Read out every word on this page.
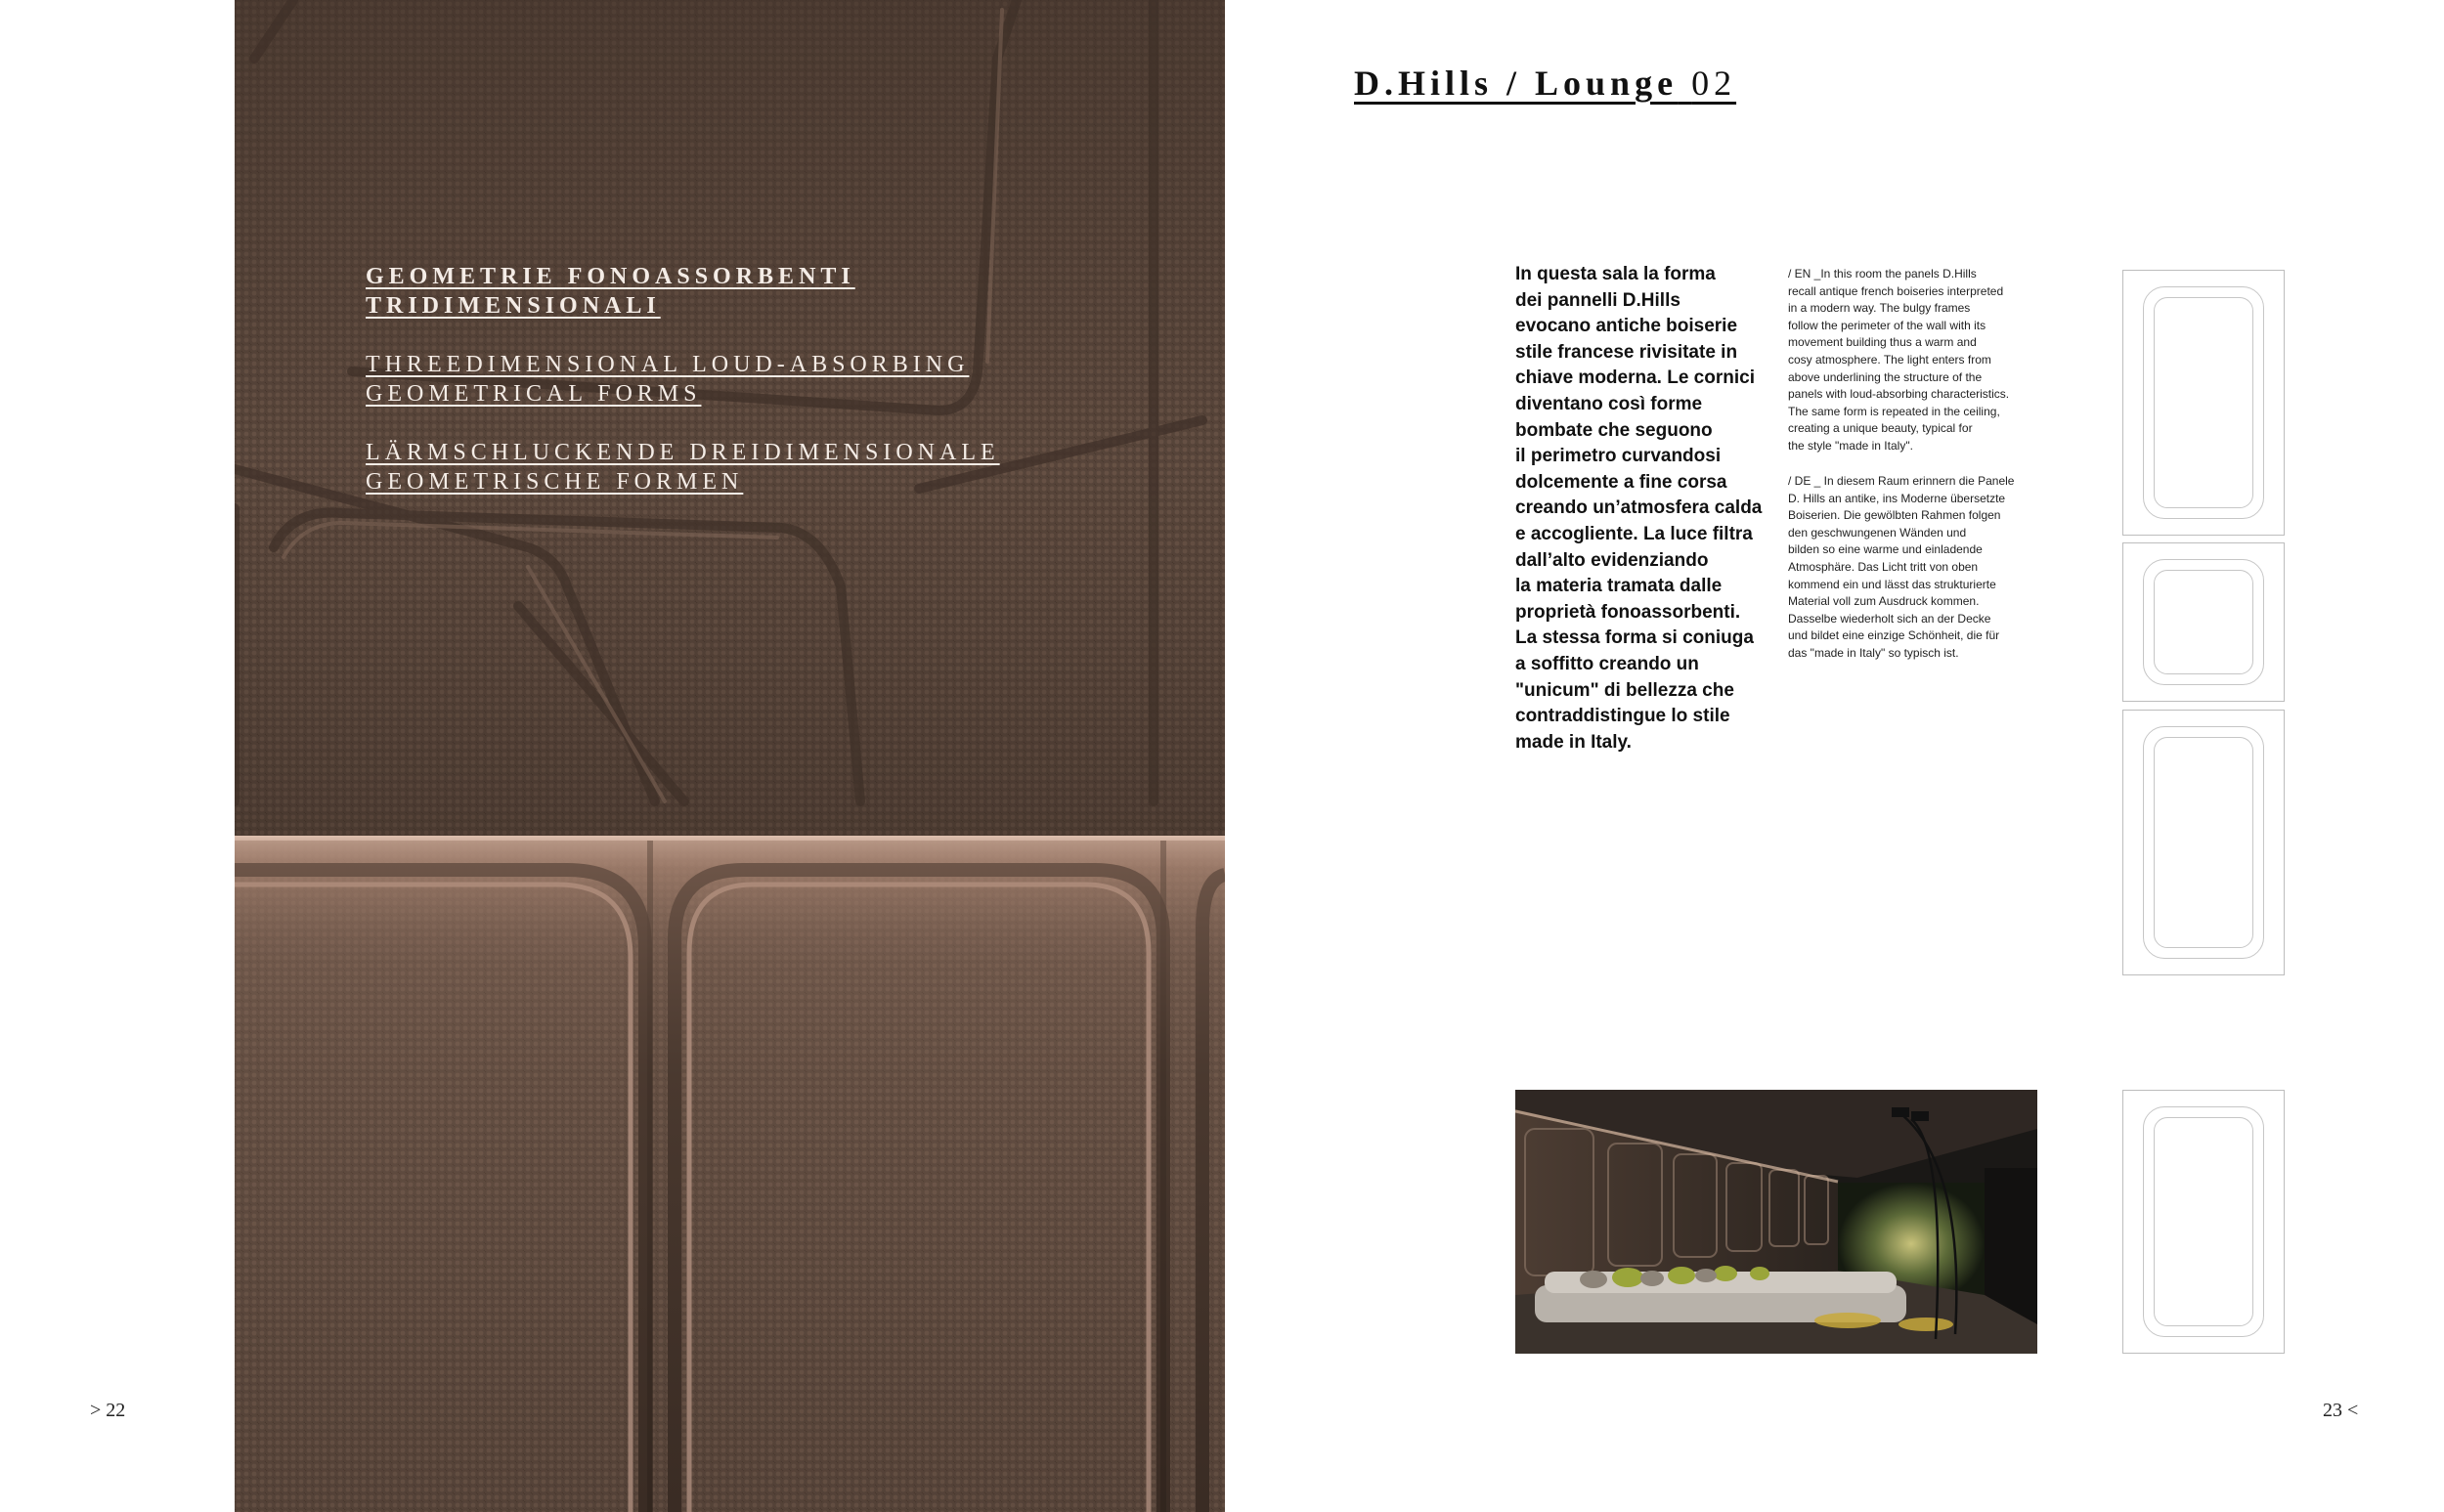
GEOMETRIE FONOASSORBENTI TRIDIMENSIONALI

THREEDIMENSIONAL LOUD-ABSORBING GEOMETRICAL FORMS

LÄRMSCHLUCKENDE DREIDIMENSIONALE GEOMETRISCHE FORMEN

> 22
D.Hills / Lounge 02
In questa sala la forma
dei pannelli D.Hills
evocano antiche boiserie
stile francese rivisitate in
chiave moderna. Le cornici
diventano così forme
bombate che seguono
il perimetro curvandosi
dolcemente a fine corsa
creando un’atmosfera calda
e accogliente. La luce filtra
dall’alto evidenziando
la materia tramata dalle
proprietà fonoassorbenti.
La stessa forma si coniuga
a soffitto creando un
"unicum" di bellezza che
contraddistingue lo stile
made in Italy.
/ EN _In this room the panels D.Hills
recall antique french boiseries interpreted
in a modern way. The bulgy frames
follow the perimeter of the wall with its
movement building thus a warm and
cosy atmosphere. The light enters from
above underlining the structure of the
panels with loud-absorbing characteristics.
The same form is repeated in the ceiling,
creating a unique beauty, typical for
the style "made in Italy".
/ DE _ In diesem Raum erinnern die Panele
D. Hills an antike, ins Moderne übersetzte
Boiserien. Die gewölbten Rahmen folgen
den geschwungenen Wänden und
bilden so eine warme und einladende
Atmosphäre. Das Licht tritt von oben
kommend ein und lässt das strukturierte
Material voll zum Ausdruck kommen.
Dasselbe wiederholt sich an der Decke
und bildet eine einzige Schönheit, die für
das "made in Italy" so typisch ist.
23 <
